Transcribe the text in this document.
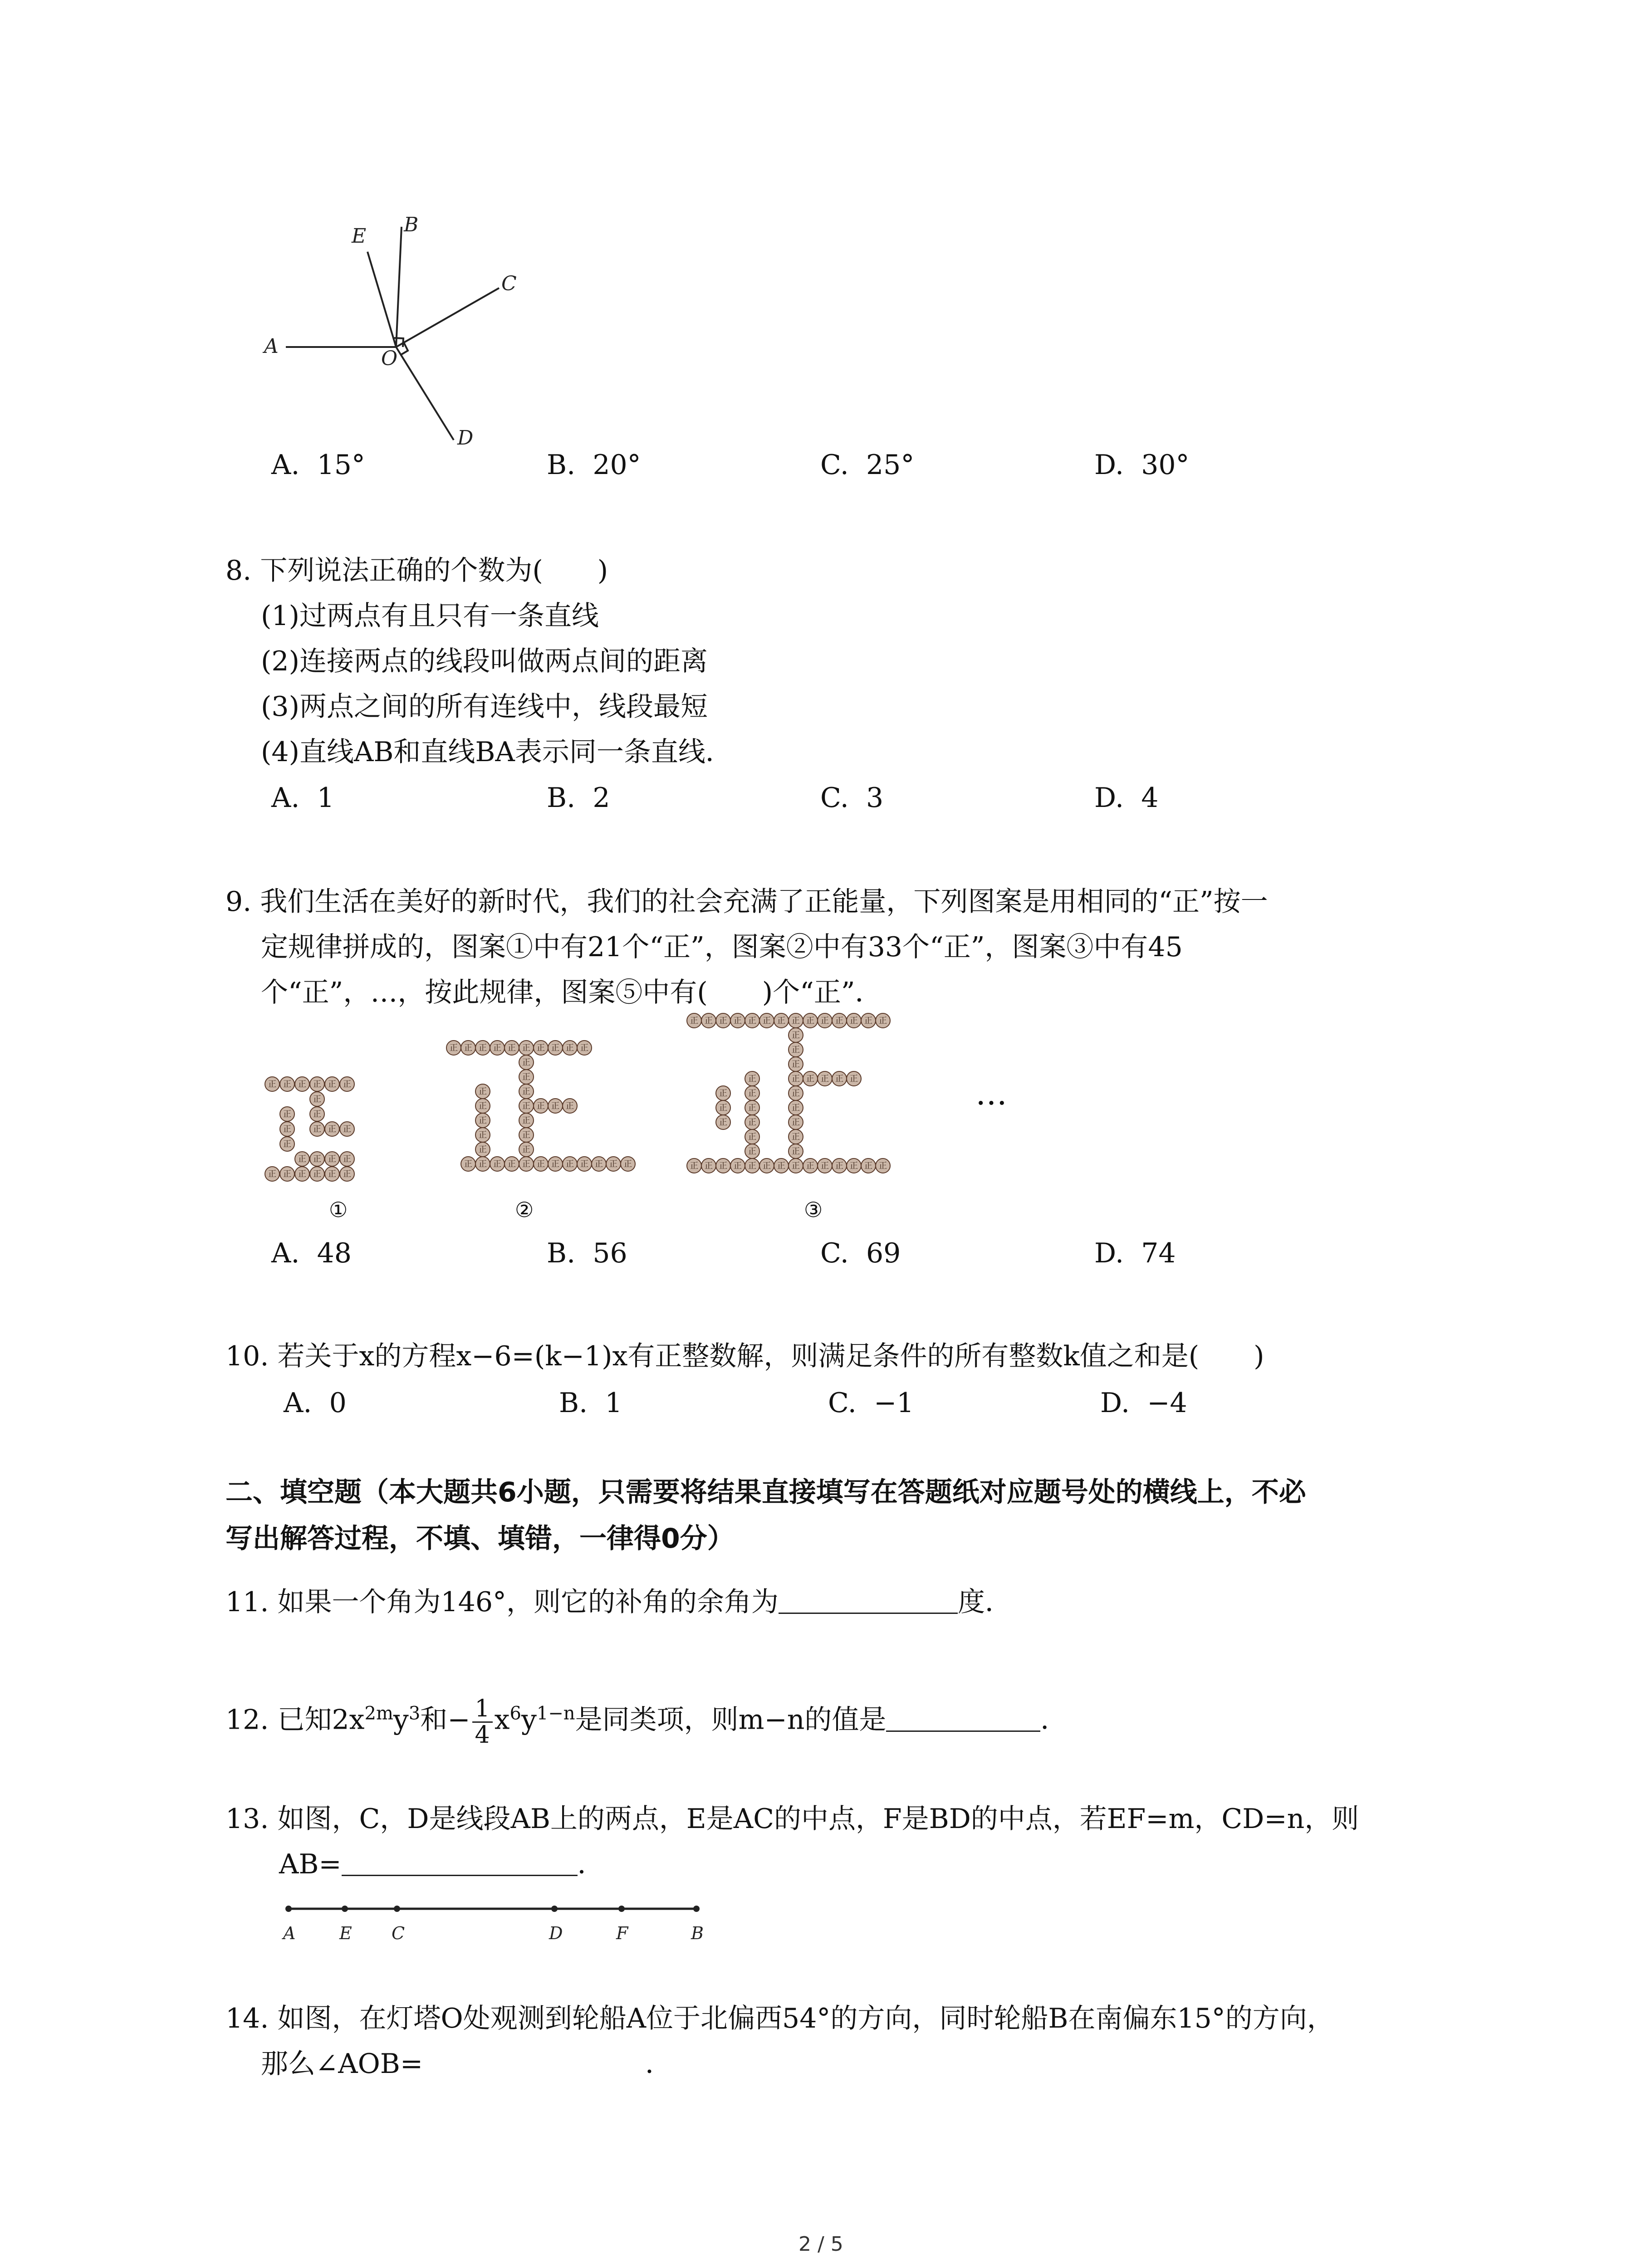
E B
C
A
O
D
A. 15°	B. 20°	C. 25°	D. 30°
8. 下列说法正确的个数为(　　)
(1)过两点有且只有一条直线
(2)连接两点的线段叫做两点间的距离
(3)两点之间的所有连线中，线段最短
(4)直线AB和直线BA表示同一条直线．
A. 1	B. 2	C. 3	D. 4
9. 我们生活在美好的新时代，我们的社会充满了正能量，下列图案是用相同的“正”按一
定规律拼成的，图案①中有21个“正”，图案②中有33个“正”，图案③中有45
个“正”，…，按此规律，图案⑤中有(　　)个“正”．
正 正 正 正 正 正
正
正
正 正 正
正
正
正
正 正 正 正
正 正 正 正 正 正
正 正 正 正 正 正 正 正 正 正
正
正
正
正
正
正
正
正 正 正
正
正
正
正
正
正 正 正 正 正 正 正 正 正 正 正 正
正 正 正 正 正 正 正 正 正 正 正 正 正 正
正
正
正
正
正
正
正
正
正
正 正 正 正
正
正
正
正
正
正
正
正
正
正 正 正 正 正 正 正 正 正 正 正 正 正 正
…
①	②	③
A. 48	B. 56	C. 69	D. 74
10. 若关于x的方程x−6=(k−1)x有正整数解，则满足条件的所有整数k值之和是(　　)
A. 0	B. 1	C. −1	D. −4
二、填空题（本大题共6小题，只需要将结果直接填写在答题纸对应题号处的横线上，不必
写出解答过程，不填、填错，一律得0分）
11. 如果一个角为146°，则它的补角的余角为	度．
12. 已知$2x^{2m}y^3$和− $\frac{1}{4} x^6y^{1-n}$是同类项，则m−n的值是	．
13. 如图，C，D是线段AB上的两点，E是AC的中点，F是BD的中点，若EF=m，CD=n，则
AB=	．
A	E C	D	F	B
14. 如图，在灯塔O处观测到轮船A位于北偏西54°的方向，同时轮船B在南偏东15°的方向，
那么∠AOB=	．
2 / 5
